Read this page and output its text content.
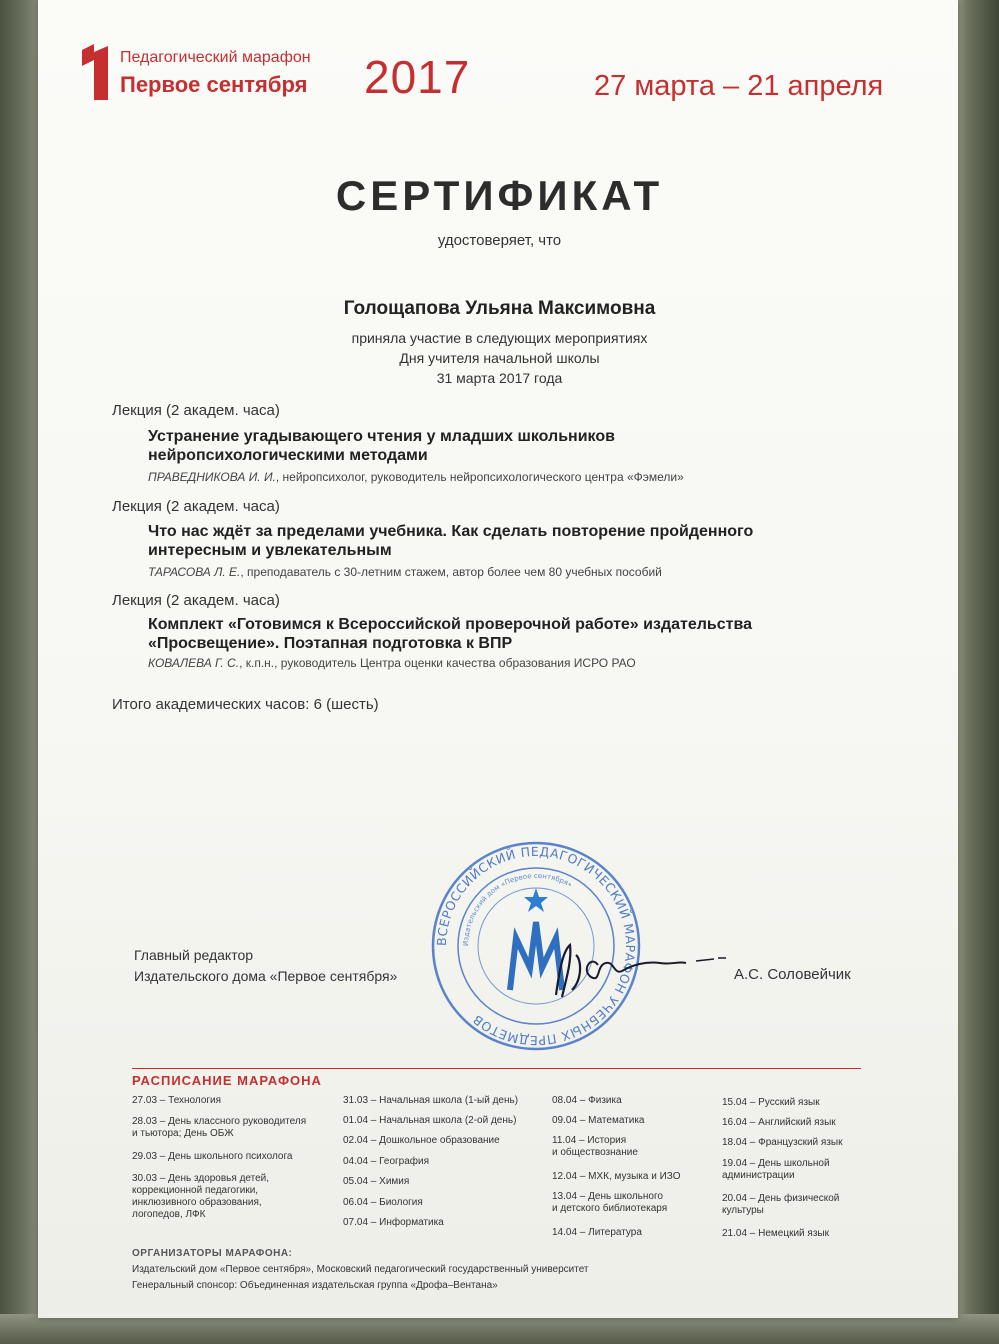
Педагогический марафон
Первое сентября 2017	27 марта – 21 апреля
СЕРТИФИКАТ
удостоверяет, что
Голощапова Ульяна Максимовна
приняла участие в следующих мероприятиях
Дня учителя начальной школы
31 марта 2017 года
Лекция (2 академ. часа)
Устранение угадывающего чтения у младших школьников
нейропсихологическими методами
ПРАВЕДНИКОВА И. И., нейропсихолог, руководитель нейропсихологического центра «Фэмели»
Лекция (2 академ. часа)
Что нас ждёт за пределами учебника. Как сделать повторение пройденного
интересным и увлекательным
ТАРАСОВА Л. Е., преподаватель с 30-летним стажем, автор более чем 80 учебных пособий
Лекция (2 академ. часа)
Комплект «Готовимся к Всероссийской проверочной работе» издательства
«Просвещение». Поэтапная подготовка к ВПР
КОВАЛЕВА Г. С., к.п.н., руководитель Центра оценки качества образования ИСРО РАО
Итого академических часов: 6 (шесть)
Главный редактор
Издательского дома «Первое сентября»
ВСЕРОССИЙСКИЙ ПЕДАГОГИЧЕСКИЙ МАРАФОН УЧЕБНЫХ ПРЕДМЕТОВ
Издательский дом «Первое сентября»
А.С. Соловейчик
РАСПИСАНИЕ МАРАФОНА
27.03 – Технология
28.03 – День классного руководителя
и тьютора; День ОБЖ
29.03 – День школьного психолога
30.03 – День здоровья детей,
коррекционной педагогики,
инклюзивного образования,
логопедов, ЛФК
31.03 – Начальная школа (1-ый день)
01.04 – Начальная школа (2-ой день)
02.04 – Дошкольное образование
04.04 – География
05.04 – Химия
06.04 – Биология
07.04 – Информатика
08.04 – Физика
09.04 – Математика
11.04 – История
и обществознание
12.04 – МХК, музыка и ИЗО
13.04 – День школьного
и детского библиотекаря
14.04 – Литература
15.04 – Русский язык
16.04 – Английский язык
18.04 – Французский язык
19.04 – День школьной
администрации
20.04 – День физической
культуры
21.04 – Немецкий язык
ОРГАНИЗАТОРЫ МАРАФОНА:
Издательский дом «Первое сентября», Московский педагогический государственный университет
Генеральный спонсор: Объединенная издательская группа «Дрофа–Вентана»
